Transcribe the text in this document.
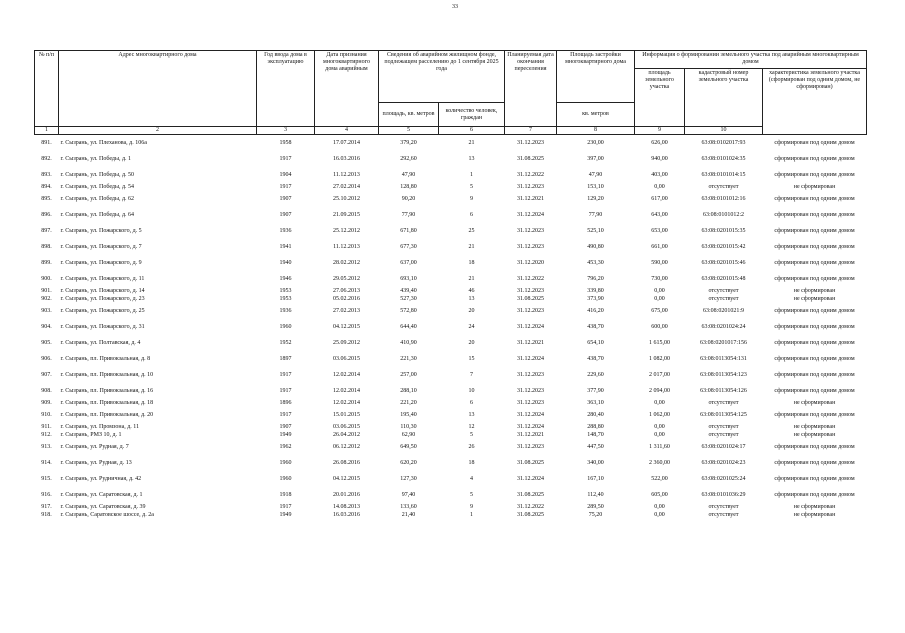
33
№ п/п	Адрес многоквартирного дома	Год ввода дома в эксплуатацию	Дата признания многоквартирного дома аварийным	Сведения об аварийном жилищном фонде, подлежащем расселению до 1 сентября 2025 года		Планируемая дата окончания переселения	Площадь застройки многоквартирного дома	Информация о формировании земельного участка под аварийным многоквартирным домом		
								площадь земельного участка	кадастровый номер земельного участка	характеристика земельного участка (сформирован под одним домом, не сформирован)
				площадь, кв. метров	количество человек, граждан		кв. метров			
1	2	3	4	5	6	7	8	9	10	
891.	г. Сызрань, ул. Плеханова, д. 106а	1958	17.07.2014	379,20	21	31.12.2023	230,00	626,00	63:08:0102017:93	сформирован под одним домом
892.	г. Сызрань, ул. Победы, д. 1	1917	16.03.2016	292,60	13	31.08.2025	397,00	940,00	63:08:0101024:35	сформирован под одним домом
893.	г. Сызрань, ул. Победы, д. 50	1904	11.12.2013	47,90	1	31.12.2022	47,90	403,00	63:08:0101014:15	сформирован под одним домом
894.	г. Сызрань, ул. Победы, д. 54	1917	27.02.2014	128,80	5	31.12.2023	153,10	0,00	отсутствует	не сформирован
895.	г. Сызрань, ул. Победы, д. 62	1907	25.10.2012	90,20	9	31.12.2021	129,20	617,00	63:08:0101012:16	сформирован под одним домом
896.	г. Сызрань, ул. Победы, д. 64	1907	21.09.2015	77,90	6	31.12.2024	77,90	643,00	63:08:0101012:2	сформирован под одним домом
897.	г. Сызрань, ул. Пожарского, д. 5	1936	25.12.2012	671,80	25	31.12.2023	525,10	653,00	63:08:0201015:35	сформирован под одним домом
898.	г. Сызрань, ул. Пожарского, д. 7	1941	11.12.2013	677,30	21	31.12.2023	490,80	661,00	63:08:0201015:42	сформирован под одним домом
899.	г. Сызрань, ул. Пожарского, д. 9	1940	28.02.2012	637,00	18	31.12.2020	453,30	590,00	63:08:0201015:46	сформирован под одним домом
900.	г. Сызрань, ул. Пожарского, д. 11	1946	29.05.2012	693,10	21	31.12.2022	796,20	730,00	63:08:0201015:48	сформирован под одним домом
901.	г. Сызрань, ул. Пожарского, д. 14	1953	27.06.2013	439,40	46	31.12.2023	339,80	0,00	отсутствует	не сформирован
902.	г. Сызрань, ул. Пожарского, д. 23	1953	05.02.2016	527,30	13	31.08.2025	373,90	0,00	отсутствует	не сформирован
903.	г. Сызрань, ул. Пожарского, д. 25	1936	27.02.2013	572,80	20	31.12.2023	416,20	675,00	63:08:0201021:9	сформирован под одним домом
904.	г. Сызрань, ул. Пожарского, д. 31	1960	04.12.2015	644,40	24	31.12.2024	438,70	600,00	63:08:0201024:24	сформирован под одним домом
905.	г. Сызрань, ул. Полтавская, д. 4	1952	25.09.2012	410,90	20	31.12.2021	654,10	1 615,00	63:08:0201017:156	сформирован под одним домом
906.	г. Сызрань, пл. Привокзальная, д. 8	1897	03.06.2015	221,30	15	31.12.2024	438,70	1 082,00	63:08:0113054:131	сформирован под одним домом
907.	г. Сызрань, пл. Привокзальная, д. 10	1917	12.02.2014	257,00	7	31.12.2023	229,60	2 017,00	63:08:0113054:123	сформирован под одним домом
908.	г. Сызрань, пл. Привокзальная, д. 16	1917	12.02.2014	288,10	10	31.12.2023	377,90	2 094,00	63:08:0113054:126	сформирован под одним домом
909.	г. Сызрань, пл. Привокзальная, д. 18	1896	12.02.2014	221,20	6	31.12.2023	363,10	0,00	отсутствует	не сформирован
910.	г. Сызрань, пл. Привокзальная, д. 20	1917	15.01.2015	195,40	13	31.12.2024	280,40	1 062,00	63:08:0113054:125	сформирован под одним домом
911.	г. Сызрань, ул. Промзона, д. 11	1907	03.06.2015	110,30	12	31.12.2024	288,80	0,00	отсутствует	не сформирован
912.	г. Сызрань, РМЗ 10, д. 1	1949	26.04.2012	62,90	5	31.12.2021	148,70	0,00	отсутствует	не сформирован
913.	г. Сызрань, ул. Рудная, д. 7	1962	06.12.2012	649,50	26	31.12.2023	447,50	1 311,60	63:08:0201024:17	сформирован под одним домом
914.	г. Сызрань, ул. Рудная, д. 13	1960	26.08.2016	620,20	18	31.08.2025	340,00	2 360,00	63:08:0201024:23	сформирован под одним домом
915.	г. Сызрань, ул. Рудничная, д. 42	1960	04.12.2015	127,30	4	31.12.2024	167,10	522,00	63:08:0201025:24	сформирован под одним домом
916.	г. Сызрань, ул. Саратовская, д. 1	1918	20.01.2016	97,40	5	31.08.2025	112,40	605,00	63:08:0101036:29	сформирован под одним домом
917.	г. Сызрань, ул. Саратовская, д. 39	1917	14.08.2013	133,60	9	31.12.2022	289,50	0,00	отсутствует	не сформирован
918.	г. Сызрань, Саратовское шоссе, д. 2а	1949	16.03.2016	21,40	1	31.08.2025	75,20	0,00	отсутствует	не сформирован
